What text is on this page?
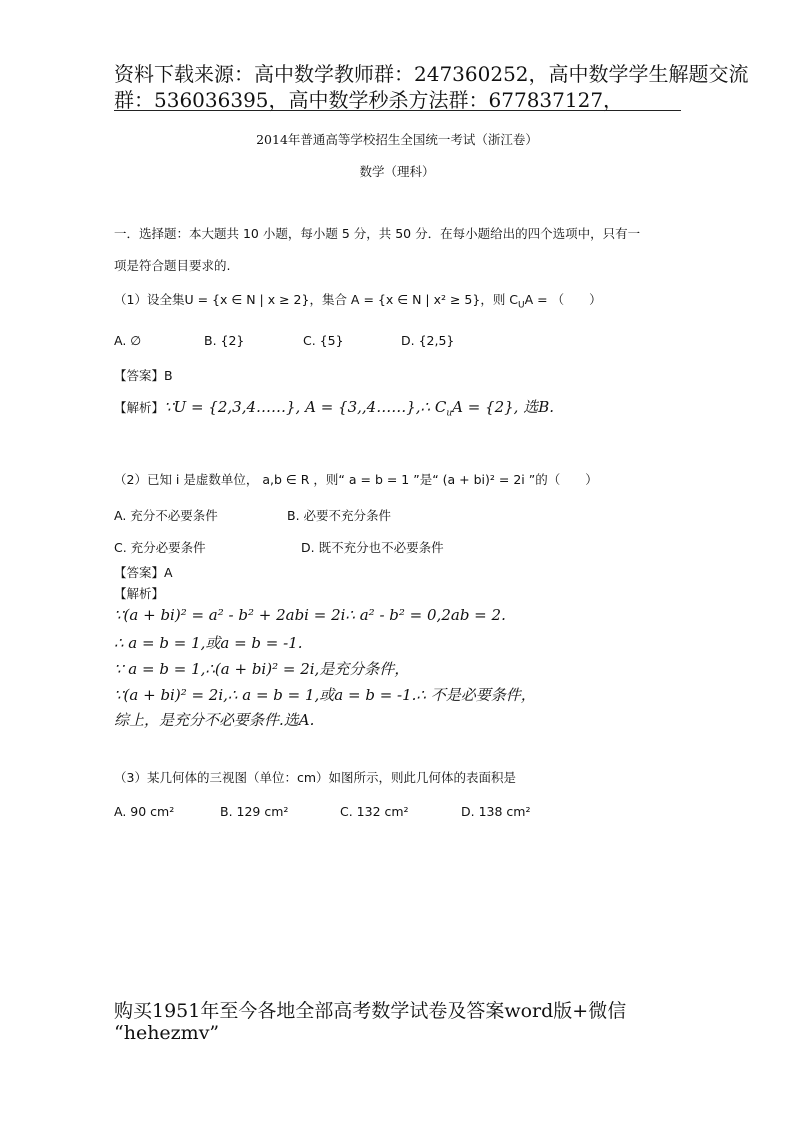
资料下载来源：高中数学教师群：247360252，高中数学学生解题交流
群：536036395，高中数学秒杀方法群：677837127，
2014年普通高等学校招生全国统一考试（浙江卷）
数学（理科）
一．选择题：本大题共 10 小题，每小题 5 分，共 50 分．在每小题给出的四个选项中，只有一
项是符合题目要求的.
（1）设全集U = {x ∈ N | x ≥ 2}，集合 A = {x ∈ N | x² ≥ 5}，则 $C_UA$ = （　　）
A. ∅	B. {2}	C. {5}	D. {2,5}
【答案】B
【解析】∵U = {2,3,4……}, A = {3,,4……},∴ $C_uA = \{2\}$, 选B.
（2）已知 i 是虚数单位， a,b ∈ R ，则“ a = b = 1 ”是“ (a + bi)² = 2i ”的（　　）
A. 充分不必要条件	B. 必要不充分条件
C. 充分必要条件	D. 既不充分也不必要条件
【答案】A
【解析】
∵(a + bi)² = a² - b² + 2abi = 2i∴ a² - b² = 0,2ab = 2.
∴ a = b = 1,或a = b = -1.
∵ a = b = 1,∴(a + bi)² = 2i,是充分条件，
∵(a + bi)² = 2i,∴ a = b = 1,或a = b = -1.∴ 不是必要条件，
综上，是充分不必要条件.选A.
（3）某几何体的三视图（单位：cm）如图所示，则此几何体的表面积是
A. 90 cm²	B. 129 cm²	C. 132 cm²	D. 138 cm²
购买1951年至今各地全部高考数学试卷及答案word版+微信
“hehezmv”
